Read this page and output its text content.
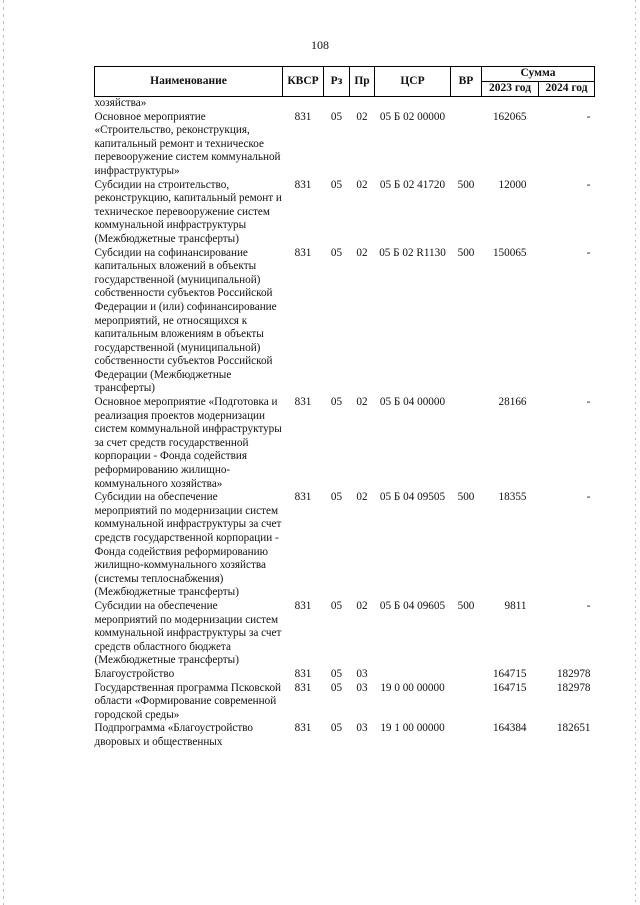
108
Наименование	КВСР	Рз	Пр	ЦСР	ВР	Сумма	
						2023 год	2024 год
хозяйства»							
Основное мероприятие «Строительство, реконструкция, капитальный ремонт и техническое перевооружение систем коммунальной инфраструктуры»	831	05	02	05 Б 02 00000		162065	-
Субсидии на строительство, реконструкцию, капитальный ремонт и техническое перевооружение систем коммунальной инфраструктуры (Межбюджетные трансферты)	831	05	02	05 Б 02 41720	500	12000	-
Субсидии на софинансирование капитальных вложений в объекты государственной (муниципальной) собственности субъектов Российской Федерации и (или) софинансирование мероприятий, не относящихся к капитальным вложениям в объекты государственной (муниципальной) собственности субъектов Российской Федерации (Межбюджетные трансферты)	831	05	02	05 Б 02 R1130	500	150065	-
Основное мероприятие «Подготовка и реализация проектов модернизации систем коммунальной инфраструктуры за счет средств государственной корпорации - Фонда содействия реформированию жилищно-коммунального хозяйства»	831	05	02	05 Б 04 00000		28166	-
Субсидии на обеспечение мероприятий по модернизации систем коммунальной инфраструктуры за счет средств государственной корпорации - Фонда содействия реформированию жилищно-коммунального хозяйства (системы теплоснабжения) (Межбюджетные трансферты)	831	05	02	05 Б 04 09505	500	18355	-
Субсидии на обеспечение мероприятий по модернизации систем коммунальной инфраструктуры за счет средств областного бюджета (Межбюджетные трансферты)	831	05	02	05 Б 04 09605	500	9811	-
Благоустройство	831	05	03			164715	182978
Государственная программа Псковской области «Формирование современной городской среды»	831	05	03	19 0 00 00000		164715	182978
Подпрограмма «Благоустройство дворовых и общественных	831	05	03	19 1 00 00000		164384	182651
